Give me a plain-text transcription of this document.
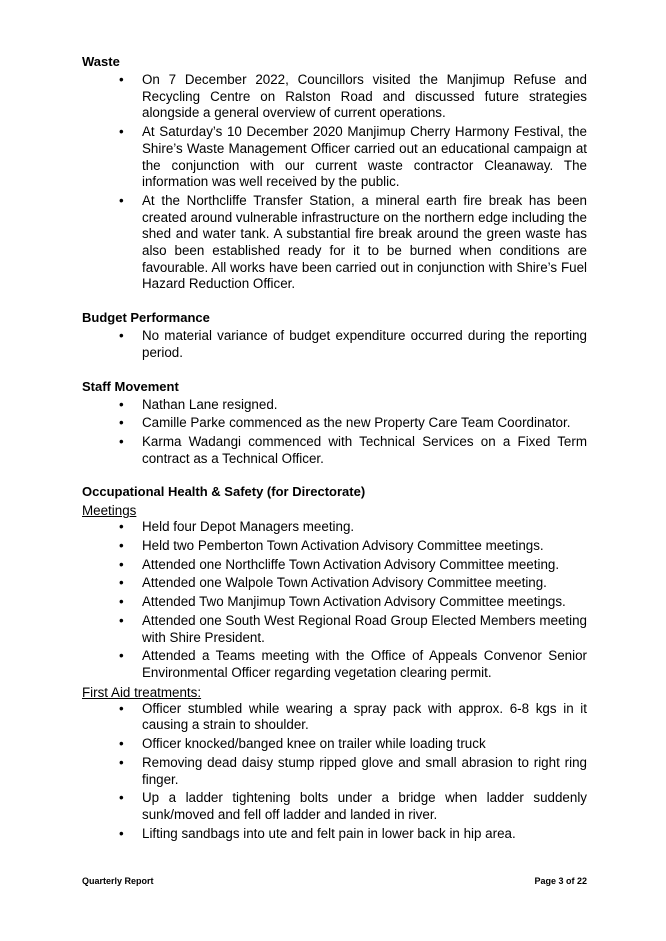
Waste
• On 7 December 2022, Councillors visited the Manjimup Refuse and Recycling Centre on Ralston Road and discussed future strategies alongside a general overview of current operations.
• At Saturday’s 10 December 2020 Manjimup Cherry Harmony Festival, the Shire’s Waste Management Officer carried out an educational campaign at the conjunction with our current waste contractor Cleanaway. The information was well received by the public.
• At the Northcliffe Transfer Station, a mineral earth fire break has been created around vulnerable infrastructure on the northern edge including the shed and water tank. A substantial fire break around the green waste has also been established ready for it to be burned when conditions are favourable. All works have been carried out in conjunction with Shire’s Fuel Hazard Reduction Officer.
Budget Performance
• No material variance of budget expenditure occurred during the reporting period.
Staff Movement
• Nathan Lane resigned.
• Camille Parke commenced as the new Property Care Team Coordinator.
• Karma Wadangi commenced with Technical Services on a Fixed Term contract as a Technical Officer.
Occupational Health & Safety (for Directorate)

Meetings

• Held four Depot Managers meeting.
• Held two Pemberton Town Activation Advisory Committee meetings.
• Attended one Northcliffe Town Activation Advisory Committee meeting.
• Attended one Walpole Town Activation Advisory Committee meeting.
• Attended Two Manjimup Town Activation Advisory Committee meetings.
• Attended one South West Regional Road Group Elected Members meeting with Shire President.
• Attended a Teams meeting with the Office of Appeals Convenor Senior Environmental Officer regarding vegetation clearing permit.

First Aid treatments:

• Officer stumbled while wearing a spray pack with approx. 6-8 kgs in it causing a strain to shoulder.
• Officer knocked/banged knee on trailer while loading truck
• Removing dead daisy stump ripped glove and small abrasion to right ring finger.
• Up a ladder tightening bolts under a bridge when ladder suddenly sunk/moved and fell off ladder and landed in river.
• Lifting sandbags into ute and felt pain in lower back in hip area.
Quarterly Report	Page 3 of 22
